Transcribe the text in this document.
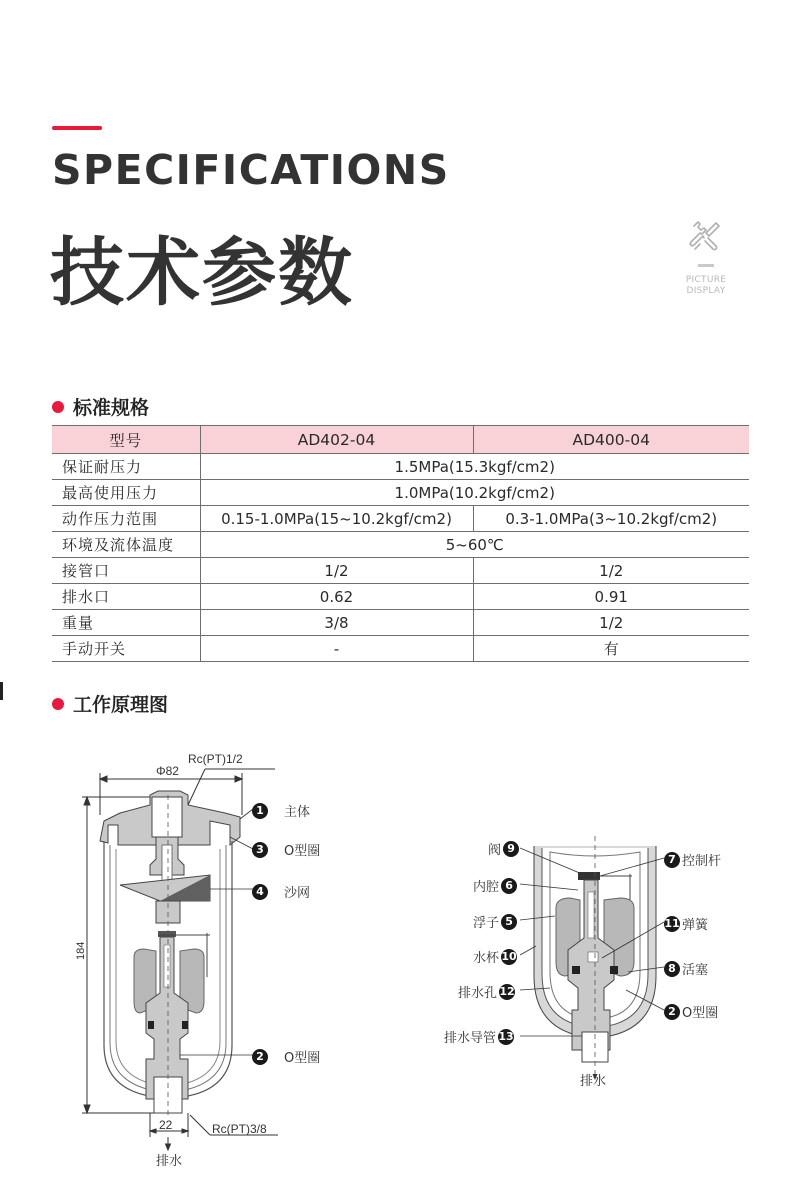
SPECIFICATIONS
技术参数	PICTURE
DISPLAY
标准规格
型号	AD402-04	AD400-04
保证耐压力	1.5MPa(15.3kgf/cm2)	
最高使用压力	1.0MPa(10.2kgf/cm2)	
动作压力范围	0.15-1.0MPa(15~10.2kgf/cm2)	0.3-1.0MPa(3~10.2kgf/cm2)
环境及流体温度	5~60℃	
接管口	1/2	1/2
排水口	0.62	0.91
重量	3/8	1/2
手动开关	-	有
工作原理图
Rc(PT)1/2
Φ82
184
22	Rc(PT)3/8
排水
1	主体
3	O型圈
4	沙网
2	O型圈
阀 9
内腔 6
浮子 5
水杯 10
排水孔 12
排水导管 13
7 控制杆
11 弹簧
8 活塞
2 O型圈
排水
